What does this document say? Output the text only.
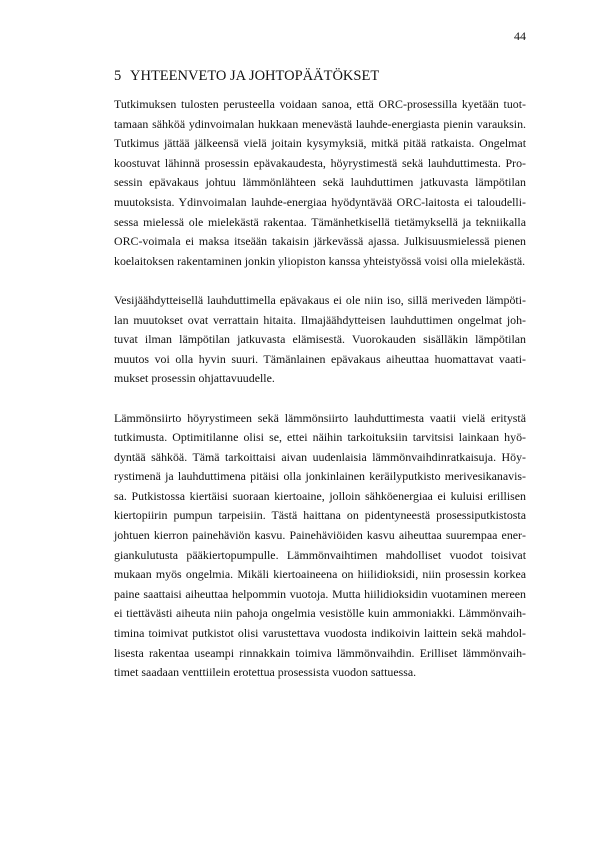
44
5 YHTEENVETO JA JOHTOPÄÄTÖKSET

Tutkimuksen tulosten perusteella voidaan sanoa, että ORC-prosessilla kyetään tuottamaan sähköä ydinvoimalan hukkaan menevästä lauhde-energiasta pienin varauksin. Tutkimus jättää jälkeensä vielä joitain kysymyksiä, mitkä pitää ratkaista. Ongelmat koostuvat lähinnä prosessin epävakaudesta, höyrystimestä sekä lauhduttimesta. Prosessin epävakaus johtuu lämmönlähteen sekä lauhduttimen jatkuvasta lämpötilan muutoksista. Ydinvoimalan lauhde-energiaa hyödyntävää ORC-laitosta ei taloudellisessa mielessä ole mielekästä rakentaa. Tämänhetkisellä tietämyksellä ja tekniikalla ORC-voimala ei maksa itseään takaisin järkevässä ajassa. Julkisuusmielessä pienen koelaitoksen rakentaminen jonkin yliopiston kanssa yhteistyössä voisi olla mielekästä.

Vesijäähdytteisellä lauhduttimella epävakaus ei ole niin iso, sillä meriveden lämpötilan muutokset ovat verrattain hitaita. Ilmajäähdytteisen lauhduttimen ongelmat johtuvat ilman lämpötilan jatkuvasta elämisestä. Vuorokauden sisälläkin lämpötilan muutos voi olla hyvin suuri. Tämänlainen epävakaus aiheuttaa huomattavat vaatimukset prosessin ohjattavuudelle.

Lämmönsiirto höyrystimeen sekä lämmönsiirto lauhduttimesta vaatii vielä eritystä tutkimusta. Optimitilanne olisi se, ettei näihin tarkoituksiin tarvitsisi lainkaan hyödyntää sähköä. Tämä tarkoittaisi aivan uudenlaisia lämmönvaihdinratkaisuja. Höyrystimenä ja lauhduttimena pitäisi olla jonkinlainen keräilyputkisto merivesikanavissa. Putkistossa kiertäisi suoraan kiertoaine, jolloin sähköenergiaa ei kuluisi erillisen kiertopiirin pumpun tarpeisiin. Tästä haittana on pidentyneestä prosessiputkistosta johtuen kierron painehäviön kasvu. Painehäviöiden kasvu aiheuttaa suurempaa energiankulutusta pääkiertopumpulle. Lämmönvaihtimen mahdolliset vuodot toisivat mukaan myös ongelmia. Mikäli kiertoaineena on hiilidioksidi, niin prosessin korkea paine saattaisi aiheuttaa helpommin vuotoja. Mutta hiilidioksidin vuotaminen mereen ei tiettävästi aiheuta niin pahoja ongelmia vesistölle kuin ammoniakki. Lämmönvaihtimina toimivat putkistot olisi varustettava vuodosta indikoivin laittein sekä mahdollisesta rakentaa useampi rinnakkain toimiva lämmönvaihdin. Erilliset lämmönvaihtimet saadaan venttiilein erotettua prosessista vuodon sattuessa.
